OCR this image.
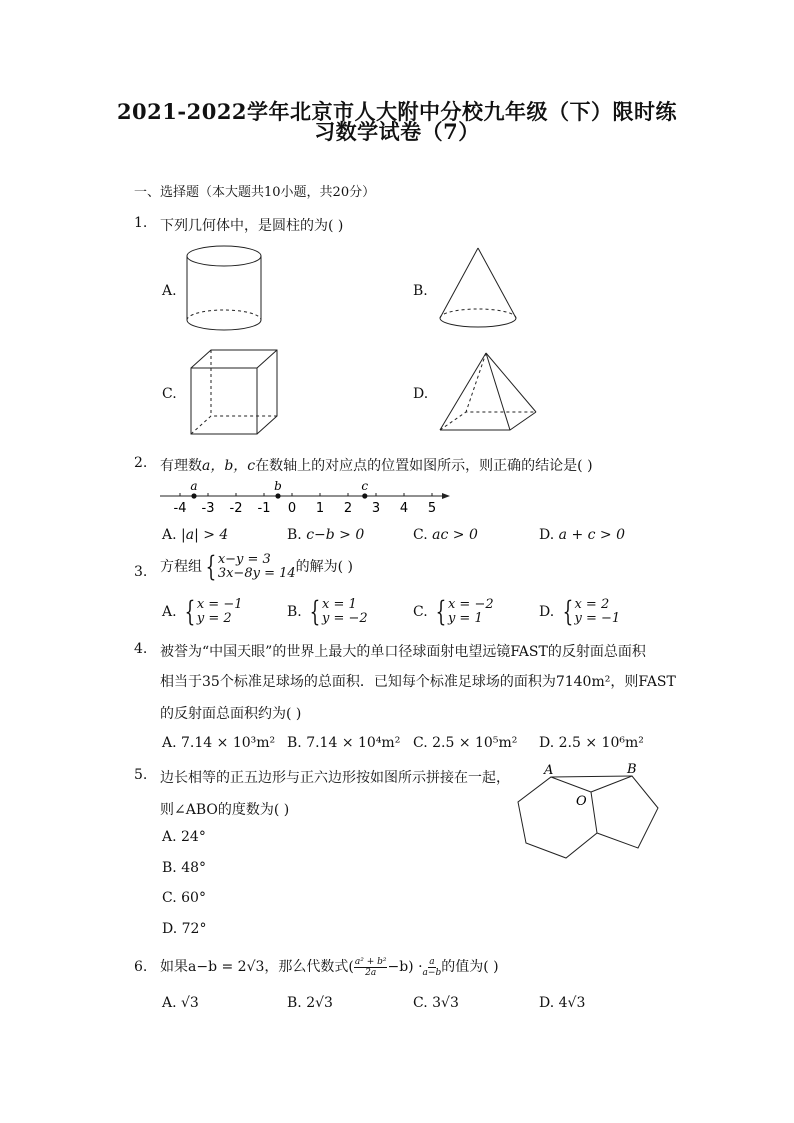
2021-2022学年北京市人大附中分校九年级（下）限时练
习数学试卷（7）
一、选择题（本大题共10小题，共20分）
1. 下列几何体中，是圆柱的为( )
A.	B.
C.	D.
2. 有理数a，b，c在数轴上的对应点的位置如图所示，则正确的结论是( )
-4 -3 -2 -1 0 1 2 3 4 5
a	b	c
A. |a| > 4	B. c−b > 0	C. ac > 0	D. a + c > 0
3. 方程组 { x−y = 3
3x−8y = 14 的解为( )
A. { x = −1
y = 2	B. { x = 1
y = −2	C. { x = −2
y = 1	D. { x = 2
y = −1
4. 被誉为“中国天眼”的世界上最大的单口径球面射电望远镜FAST的反射面总面积
相当于35个标准足球场的总面积．已知每个标准足球场的面积为7140m²，则FAST
的反射面总面积约为( )
A. 7.14 × 10³m² B. 7.14 × 10⁴m² C. 2.5 × 10⁵m² D. 2.5 × 10⁶m²
5. 边长相等的正五边形与正六边形按如图所示拼接在一起，
则∠ABO的度数为( )
A. 24°
B. 48°
C. 60°
D. 72°
A	B
O
6. 如果a−b = 2√3，那么代数式( $\frac{\text{a² + b²}}{2a} -b) \cdot \frac{a}{a-b}$ 的值为( )
A. √3	B. 2√3	C. 3√3	D. 4√3
